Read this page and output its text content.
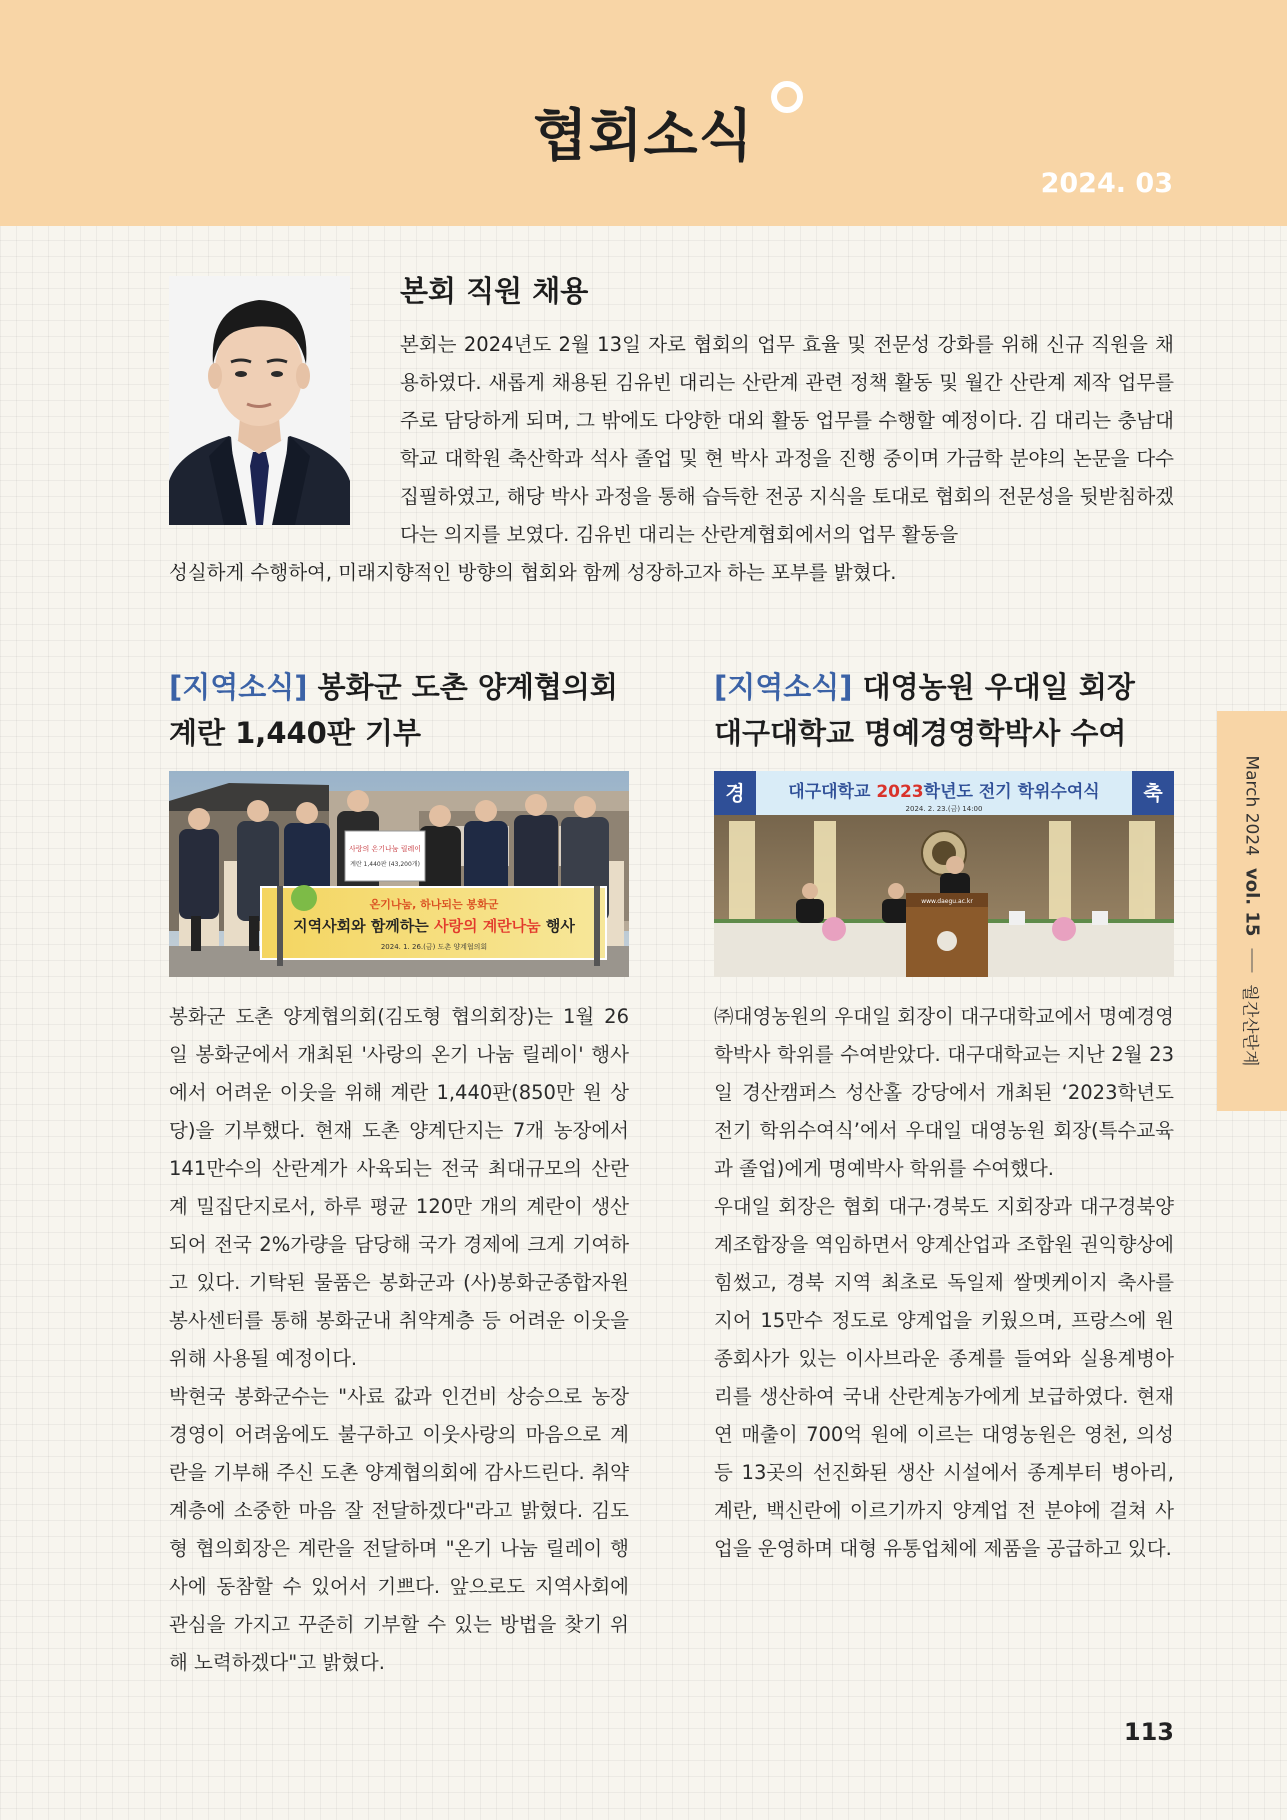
협회소식
2024. 03
본회 직원 채용

본회는 2024년도 2월 13일 자로 협회의 업무 효율 및 전문성 강화를 위해 신규 직원을 채용하였다. 새롭게 채용된 김유빈 대리는 산란계 관련 정책 활동 및 월간 산란계 제작 업무를 주로 담당하게 되며, 그 밖에도 다양한 대외 활동 업무를 수행할 예정이다. 김 대리는 충남대학교 대학원 축산학과 석사 졸업 및 현 박사 과정을 진행 중이며 가금학 분야의 논문을 다수 집필하였고, 해당 박사 과정을 통해 습득한 전공 지식을 토대로 협회의 전문성을 뒷받침하겠다는 의지를 보였다. 김유빈 대리는 산란계협회에서의 업무 활동을

성실하게 수행하여, 미래지향적인 방향의 협회와 함께 성장하고자 하는 포부를 밝혔다.

[지역소식] 봉화군 도촌 양계협의회
계란 1,440판 기부
사랑의 온기나눔 릴레이
계란 1,440판 (43,200개)
온기나눔, 하나되는 봉화군
지역사회와 함께하는 사랑의 계란나눔 행사
2024. 1. 26.(금) 도촌 양계협의회

봉화군 도촌 양계협의회(김도형 협의회장)는 1월 26일 봉화군에서 개최된 '사랑의 온기 나눔 릴레이' 행사에서 어려운 이웃을 위해 계란 1,440판(850만 원 상당)을 기부했다. 현재 도촌 양계단지는 7개 농장에서 141만수의 산란계가 사육되는 전국 최대규모의 산란계 밀집단지로서, 하루 평균 120만 개의 계란이 생산되어 전국 2%가량을 담당해 국가 경제에 크게 기여하고 있다. 기탁된 물품은 봉화군과 (사)봉화군종합자원봉사센터를 통해 봉화군내 취약계층 등 어려운 이웃을 위해 사용될 예정이다.

박현국 봉화군수는 "사료 값과 인건비 상승으로 농장경영이 어려움에도 불구하고 이웃사랑의 마음으로 계란을 기부해 주신 도촌 양계협의회에 감사드린다. 취약계층에 소중한 마음 잘 전달하겠다"라고 밝혔다. 김도형 협의회장은 계란을 전달하며 "온기 나눔 릴레이 행사에 동참할 수 있어서 기쁘다. 앞으로도 지역사회에 관심을 가지고 꾸준히 기부할 수 있는 방법을 찾기 위해 노력하겠다"고 밝혔다.

[지역소식] 대영농원 우대일 회장
대구대학교 명예경영학박사 수여
경	축
대구대학교 2023학년도 전기 학위수여식
2024. 2. 23.(금) 14:00
www.daegu.ac.kr

㈜대영농원의 우대일 회장이 대구대학교에서 명예경영학박사 학위를 수여받았다. 대구대학교는 지난 2월 23일 경산캠퍼스 성산홀 강당에서 개최된 ‘2023학년도 전기 학위수여식’에서 우대일 대영농원 회장(특수교육과 졸업)에게 명예박사 학위를 수여했다.

우대일 회장은 협회 대구·경북도 지회장과 대구경북양계조합장을 역임하면서 양계산업과 조합원 권익향상에 힘썼고, 경북 지역 최초로 독일제 쌀멧케이지 축사를 지어 15만수 정도로 양계업을 키웠으며, 프랑스에 원종회사가 있는 이사브라운 종계를 들여와 실용계병아리를 생산하여 국내 산란계농가에게 보급하였다. 현재 연 매출이 700억 원에 이르는 대영농원은 영천, 의성 등 13곳의 선진화된 생산 시설에서 종계부터 병아리, 계란, 백신란에 이르기까지 양계업 전 분야에 걸쳐 사업을 운영하며 대형 유통업체에 제품을 공급하고 있다.

March 2024
vol. 15
월간산란계
113
